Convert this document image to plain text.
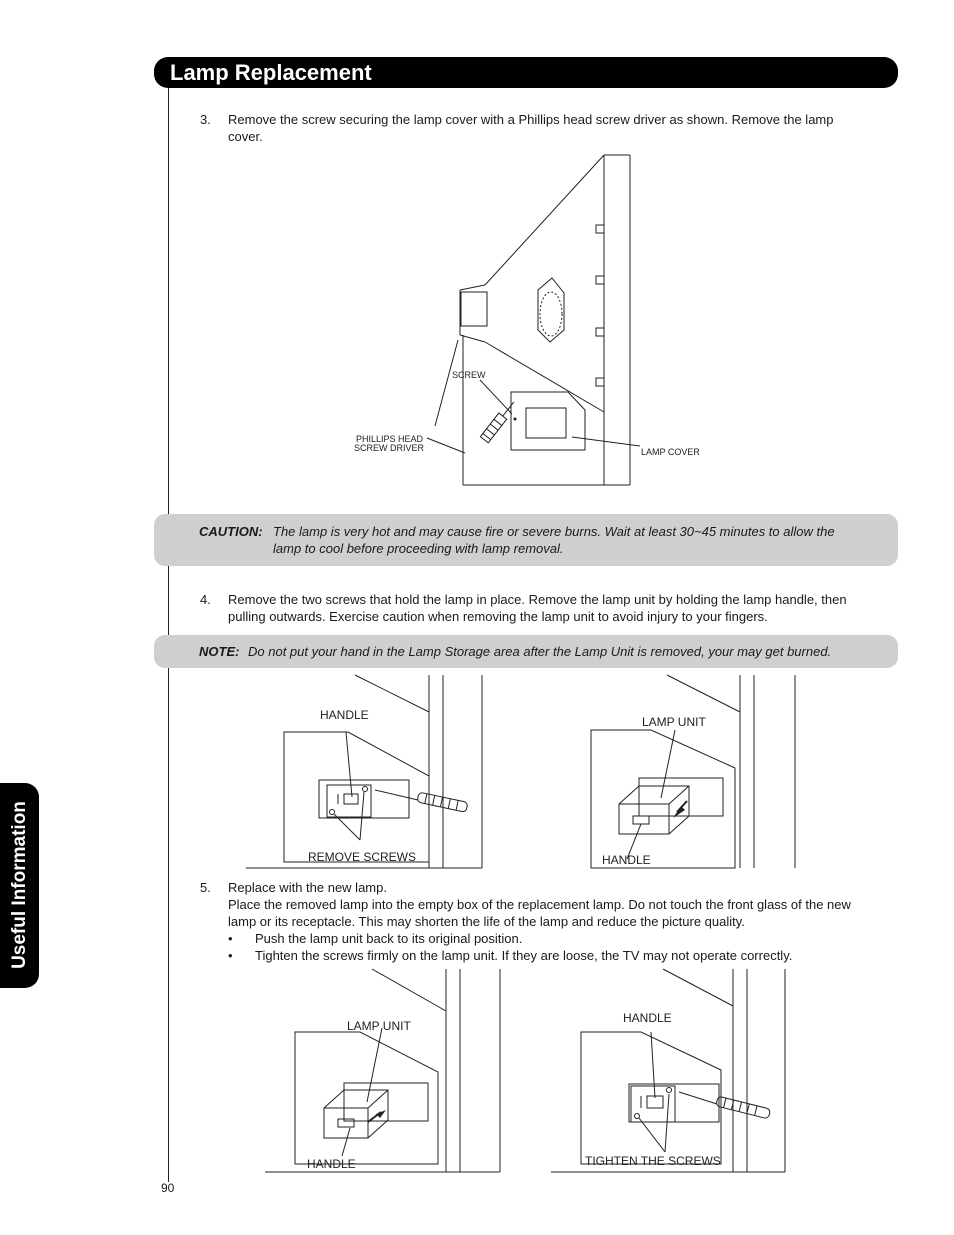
Lamp Replacement
Useful Information
3. Remove the screw securing the lamp cover with a Phillips head screw driver as shown. Remove the lamp
cover.
SCREW
PHILLIPS HEAD
SCREW DRIVER	LAMP COVER
CAUTION: The lamp is very hot and may cause fire or severe burns. Wait at least 30~45 minutes to allow the
lamp to cool before proceeding with lamp removal.
4. Remove the two screws that hold the lamp in place. Remove the lamp unit by holding the lamp handle, then
pulling outwards. Exercise caution when removing the lamp unit to avoid injury to your fingers.
NOTE: Do not put your hand in the Lamp Storage area after the Lamp Unit is removed, your may get burned.
HANDLE
REMOVE SCREWS
LAMP UNIT
HANDLE
5. Replace with the new lamp.
Place the removed lamp into the empty box of the replacement lamp. Do not touch the front glass of the new
lamp or its receptacle. This may shorten the life of the lamp and reduce the picture quality.
• Push the lamp unit back to its original position.
• Tighten the screws firmly on the lamp unit. If they are loose, the TV may not operate correctly.
LAMP UNIT
HANDLE
HANDLE
TIGHTEN THE SCREWS
90
